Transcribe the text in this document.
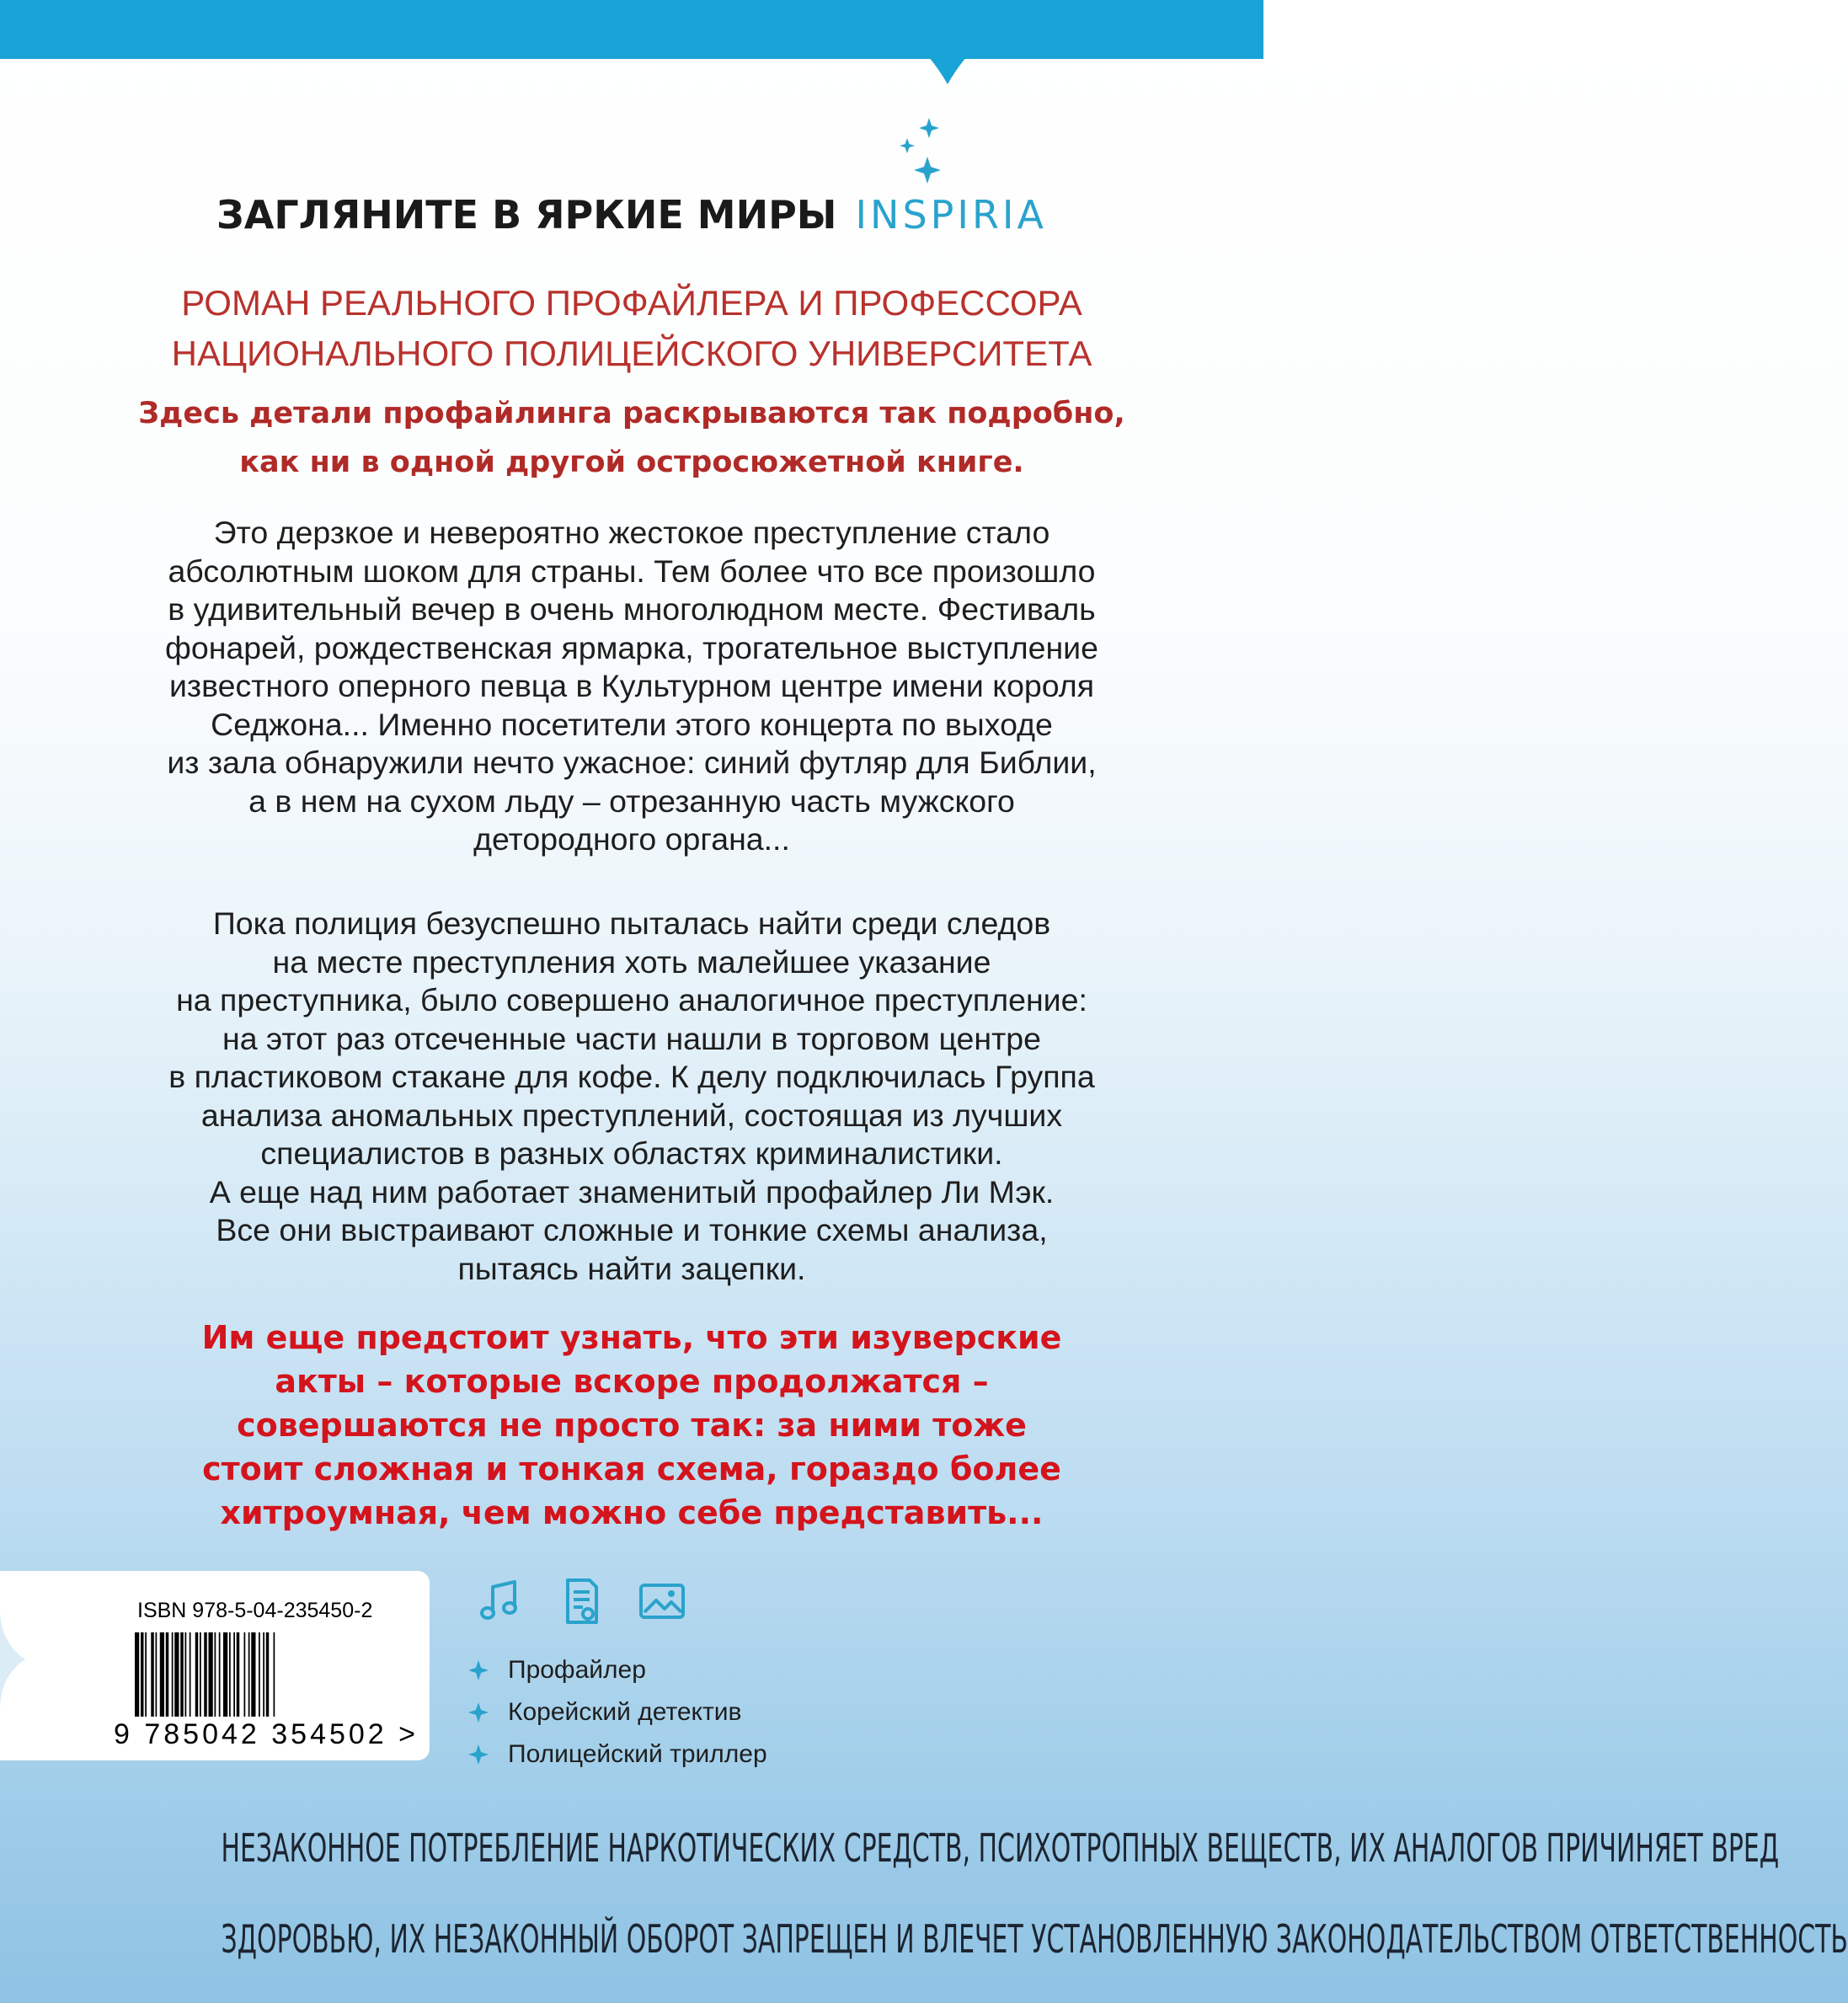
ЗАГЛЯНИТЕ В ЯРКИЕ МИРЫ INSPIRIA
РОМАН РЕАЛЬНОГО ПРОФАЙЛЕРА И ПРОФЕССОРА
НАЦИОНАЛЬНОГО ПОЛИЦЕЙСКОГО УНИВЕРСИТЕТА
Здесь детали профайлинга раскрываются так подробно,
как ни в одной другой остросюжетной книге.
Это дерзкое и невероятно жестокое преступление стало
абсолютным шоком для страны. Тем более что все произошло
в удивительный вечер в очень многолюдном месте. Фестиваль
фонарей, рождественская ярмарка, трогательное выступление
известного оперного певца в Культурном центре имени короля
Седжона... Именно посетители этого концерта по выходе
из зала обнаружили нечто ужасное: синий футляр для Библии,
а в нем на сухом льду – отрезанную часть мужского
детородного органа...
Пока полиция безуспешно пыталась найти среди следов
на месте преступления хоть малейшее указание
на преступника, было совершено аналогичное преступление:
на этот раз отсеченные части нашли в торговом центре
в пластиковом стакане для кофе. К делу подключилась Группа
анализа аномальных преступлений, состоящая из лучших
специалистов в разных областях криминалистики.
А еще над ним работает знаменитый профайлер Ли Мэк.
Все они выстраивают сложные и тонкие схемы анализа,
пытаясь найти зацепки.
Им еще предстоит узнать, что эти изуверские
акты – которые вскоре продолжатся –
совершаются не просто так: за ними тоже
стоит сложная и тонкая схема, гораздо более
хитроумная, чем можно себе представить...
ISBN 978-5-04-235450-2
9 785042 354502 >
Профайлер
Корейский детектив
Полицейский триллер
НЕЗАКОННОЕ ПОТРЕБЛЕНИЕ НАРКОТИЧЕСКИХ СРЕДСТВ, ПСИХОТРОПНЫХ ВЕЩЕСТВ, ИХ АНАЛОГОВ ПРИЧИНЯЕТ ВРЕД
ЗДОРОВЬЮ, ИХ НЕЗАКОННЫЙ ОБОРОТ ЗАПРЕЩЕН И ВЛЕЧЕТ УСТАНОВЛЕННУЮ ЗАКОНОДАТЕЛЬСТВОМ ОТВЕТСТВЕННОСТЬ
